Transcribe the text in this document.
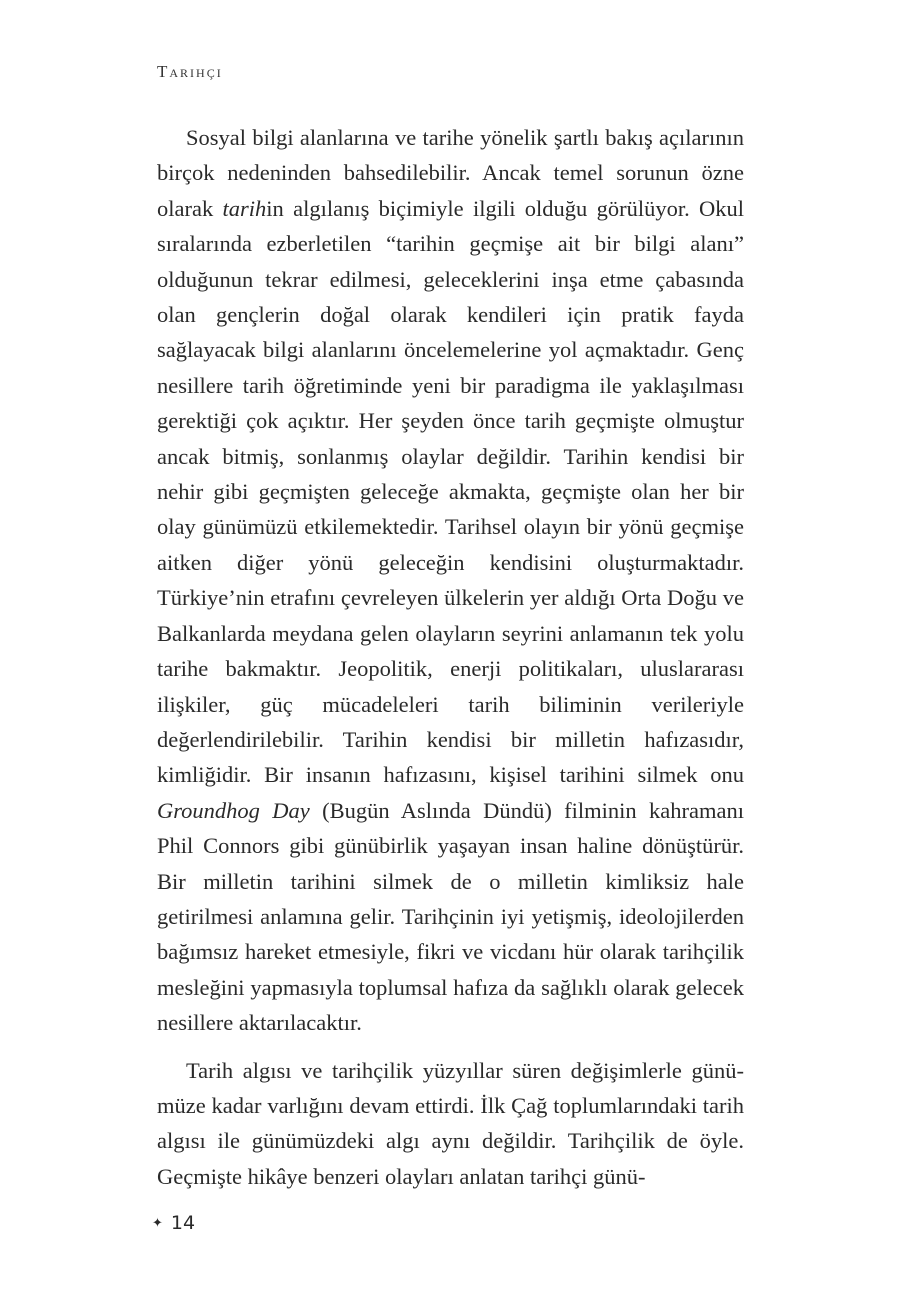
Tarihçi

Sosyal bilgi alanlarına ve tarihe yönelik şartlı bakış açılarının birçok nedeninden bahsedilebilir. Ancak temel sorunun özne olarak tarihin algılanış biçimiyle ilgili olduğu görülüyor. Okul sıralarında ezberletilen “tarihin geçmişe ait bir bilgi alanı” olduğunun tekrar edilmesi, geleceklerini inşa etme çabasında olan gençlerin doğal olarak kendileri için pratik fayda sağlayacak bilgi alanlarını öncelemelerine yol açmaktadır. Genç nesillere tarih öğretiminde yeni bir paradigma ile yaklaşılması gerektiği çok açıktır. Her şeyden önce tarih geçmişte olmuştur ancak bitmiş, sonlanmış olaylar değildir. Tarihin kendisi bir nehir gibi geçmişten geleceğe akmakta, geçmişte olan her bir olay günümüzü etkilemektedir. Tarihsel olayın bir yönü geçmişe aitken diğer yönü geleceğin kendisini oluşturmaktadır. Türkiye’nin etrafını çevreleyen ülkelerin yer aldığı Orta Doğu ve Balkanlarda meydana gelen olayların seyrini anlamanın tek yolu tarihe bakmaktır. Jeopolitik, enerji politikaları, uluslararası ilişkiler, güç mücadeleleri tarih biliminin verileriyle değerlendirilebilir. Tarihin kendisi bir milletin hafızasıdır, kimliğidir. Bir insanın hafızasını, kişisel tarihini silmek onu Groundhog Day (Bugün Aslında Dündü) filminin kahramanı Phil Connors gibi günübirlik yaşayan insan haline dönüştürür. Bir milletin tarihini silmek de o milletin kimliksiz hale getirilmesi anlamına gelir. Tarihçinin iyi yetişmiş, ideolojilerden bağımsız hareket etmesiyle, fikri ve vicdanı hür olarak tarihçilik mesleğini yapmasıyla toplumsal hafıza da sağlıklı olarak gelecek nesillere aktarılacaktır.

Tarih algısı ve tarihçilik yüzyıllar süren değişimlerle günümüze kadar varlığını devam ettirdi. İlk Çağ toplumlarındaki tarih algısı ile günümüzdeki algı aynı değildir. Tarihçilik de öyle. Geçmişte hikâye benzeri olayları anlatan tarihçi günü-

✦ 14
